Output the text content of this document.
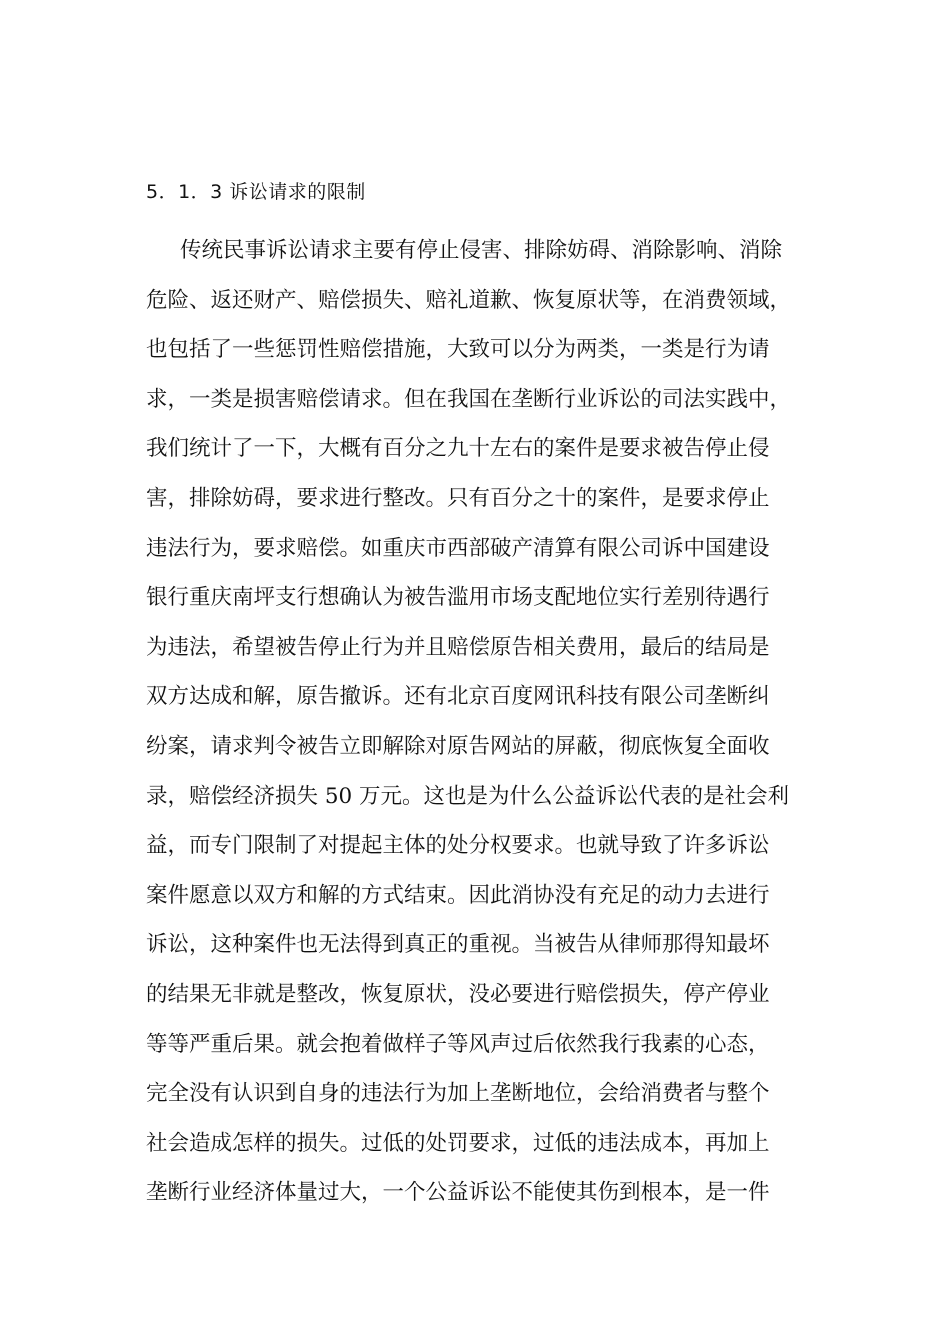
5．1．3 诉讼请求的限制
传统民事诉讼请求主要有停止侵害、排除妨碍、消除影响、消除
危险、返还财产、赔偿损失、赔礼道歉、恢复原状等，在消费领域，
也包括了一些惩罚性赔偿措施，大致可以分为两类，一类是行为请
求，一类是损害赔偿请求。但在我国在垄断行业诉讼的司法实践中，
我们统计了一下，大概有百分之九十左右的案件是要求被告停止侵
害，排除妨碍，要求进行整改。只有百分之十的案件，是要求停止
违法行为，要求赔偿。如重庆市西部破产清算有限公司诉中国建设
银行重庆南坪支行想确认为被告滥用市场支配地位实行差别待遇行
为违法，希望被告停止行为并且赔偿原告相关费用，最后的结局是
双方达成和解，原告撤诉。还有北京百度网讯科技有限公司垄断纠
纷案，请求判令被告立即解除对原告网站的屏蔽，彻底恢复全面收
录，赔偿经济损失 50 万元。这也是为什么公益诉讼代表的是社会利
益，而专门限制了对提起主体的处分权要求。也就导致了许多诉讼
案件愿意以双方和解的方式结束。因此消协没有充足的动力去进行
诉讼，这种案件也无法得到真正的重视。当被告从律师那得知最坏
的结果无非就是整改，恢复原状，没必要进行赔偿损失，停产停业
等等严重后果。就会抱着做样子等风声过后依然我行我素的心态，
完全没有认识到自身的违法行为加上垄断地位，会给消费者与整个
社会造成怎样的损失。过低的处罚要求，过低的违法成本，再加上
垄断行业经济体量过大，一个公益诉讼不能使其伤到根本，是一件
